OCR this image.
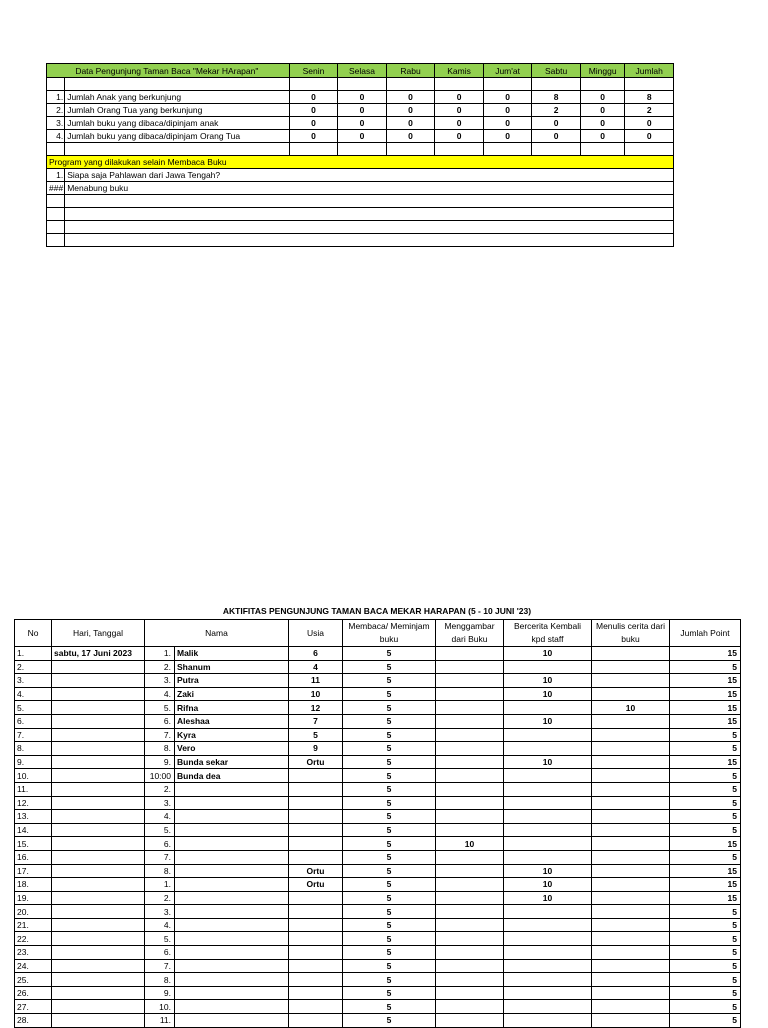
Data Pengunjung Taman Baca "Mekar HArapan"		Senin	Selasa	Rabu	Kamis	Jum'at	Sabtu	Minggu	Jumlah

1.	Jumlah Anak yang berkunjung	0	0	0	0	0	8	0	8
2.	Jumlah Orang Tua yang berkunjung	0	0	0	0	0	2	0	2
3.	Jumlah buku yang dibaca/dipinjam anak	0	0	0	0	0	0	0	0
4.	Jumlah buku yang dibaca/dipinjam Orang Tua	0	0	0	0	0	0	0	0

Program yang dilakukan selain Membaca Buku									
1.	Siapa saja Pahlawan dari Jawa Tengah?								
###	Menabung buku								

AKTIFITAS PENGUNJUNG TAMAN BACA MEKAR HARAPAN (5 - 10 JUNI '23)
No	Hari, Tanggal	Nama		Usia	Membaca/ Meminjam buku	Menggambar dari Buku	Bercerita Kembali kpd staff	Menulis cerita dari buku	Jumlah Point
1.	sabtu, 17 Juni 2023	1.	Malik	6	5		10		15
2.		2.	Shanum	4	5				5
3.		3.	Putra	11	5		10		15
4.		4.	Zaki	10	5		10		15
5.		5.	Rifna	12	5			10	15
6.		6.	Aleshaa	7	5		10		15
7.		7.	Kyra	5	5				5
8.		8.	Vero	9	5				5
9.		9.	Bunda sekar	Ortu	5		10		15
10.		10:00	Bunda dea		5				5
11.		2.			5				5
12.		3.			5				5
13.		4.			5				5
14.		5.			5				5
15.		6.			5	10			15
16.		7.			5				5
17.		8.		Ortu	5		10		15
18.		1.		Ortu	5		10		15
19.		2.			5		10		15
20.		3.			5				5
21.		4.			5				5
22.		5.			5				5
23.		6.			5				5
24.		7.			5				5
25.		8.			5				5
26.		9.			5				5
27.		10.			5				5
28.		11.			5				5
